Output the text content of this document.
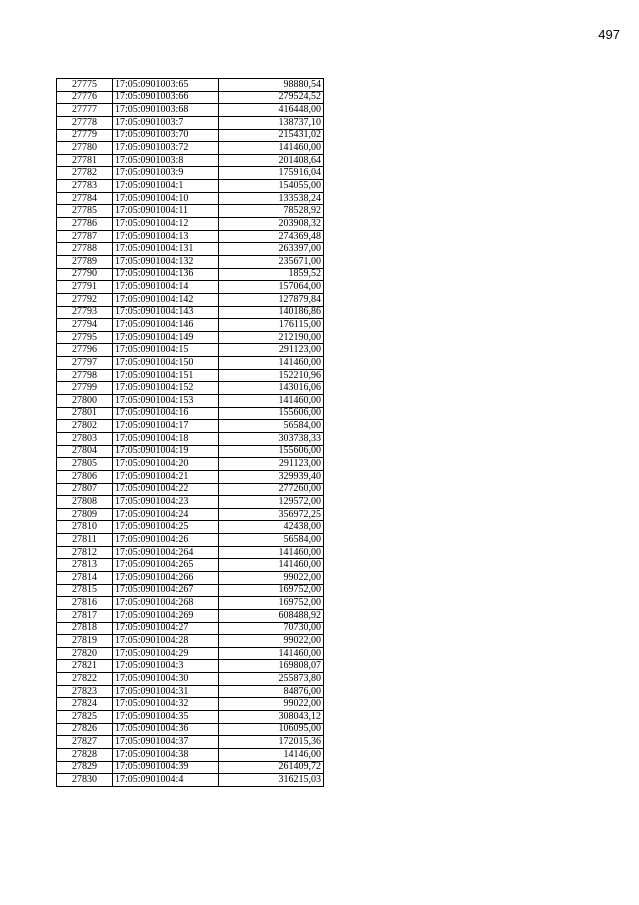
497
27775	17:05:0901003:65	98880,54
27776	17:05:0901003:66	279524,52
27777	17:05:0901003:68	416448,00
27778	17:05:0901003:7	138737,10
27779	17:05:0901003:70	215431,02
27780	17:05:0901003:72	141460,00
27781	17:05:0901003:8	201408,64
27782	17:05:0901003:9	175916,04
27783	17:05:0901004:1	154055,00
27784	17:05:0901004:10	133538,24
27785	17:05:0901004:11	78528,92
27786	17:05:0901004:12	203908,32
27787	17:05:0901004:13	274369,48
27788	17:05:0901004:131	263397,00
27789	17:05:0901004:132	235671,00
27790	17:05:0901004:136	1859,52
27791	17:05:0901004:14	157064,00
27792	17:05:0901004:142	127879,84
27793	17:05:0901004:143	140186,86
27794	17:05:0901004:146	176115,00
27795	17:05:0901004:149	212190,00
27796	17:05:0901004:15	291123,00
27797	17:05:0901004:150	141460,00
27798	17:05:0901004:151	152210,96
27799	17:05:0901004:152	143016,06
27800	17:05:0901004:153	141460,00
27801	17:05:0901004:16	155606,00
27802	17:05:0901004:17	56584,00
27803	17:05:0901004:18	303738,33
27804	17:05:0901004:19	155606,00
27805	17:05:0901004:20	291123,00
27806	17:05:0901004:21	329939,40
27807	17:05:0901004:22	277260,00
27808	17:05:0901004:23	129572,00
27809	17:05:0901004:24	356972,25
27810	17:05:0901004:25	42438,00
27811	17:05:0901004:26	56584,00
27812	17:05:0901004:264	141460,00
27813	17:05:0901004:265	141460,00
27814	17:05:0901004:266	99022,00
27815	17:05:0901004:267	169752,00
27816	17:05:0901004:268	169752,00
27817	17:05:0901004:269	608488,92
27818	17:05:0901004:27	70730,00
27819	17:05:0901004:28	99022,00
27820	17:05:0901004:29	141460,00
27821	17:05:0901004:3	169808,07
27822	17:05:0901004:30	255873,80
27823	17:05:0901004:31	84876,00
27824	17:05:0901004:32	99022,00
27825	17:05:0901004:35	308043,12
27826	17:05:0901004:36	106095,00
27827	17:05:0901004:37	172015,36
27828	17:05:0901004:38	14146,00
27829	17:05:0901004:39	261409,72
27830	17:05:0901004:4	316215,03
